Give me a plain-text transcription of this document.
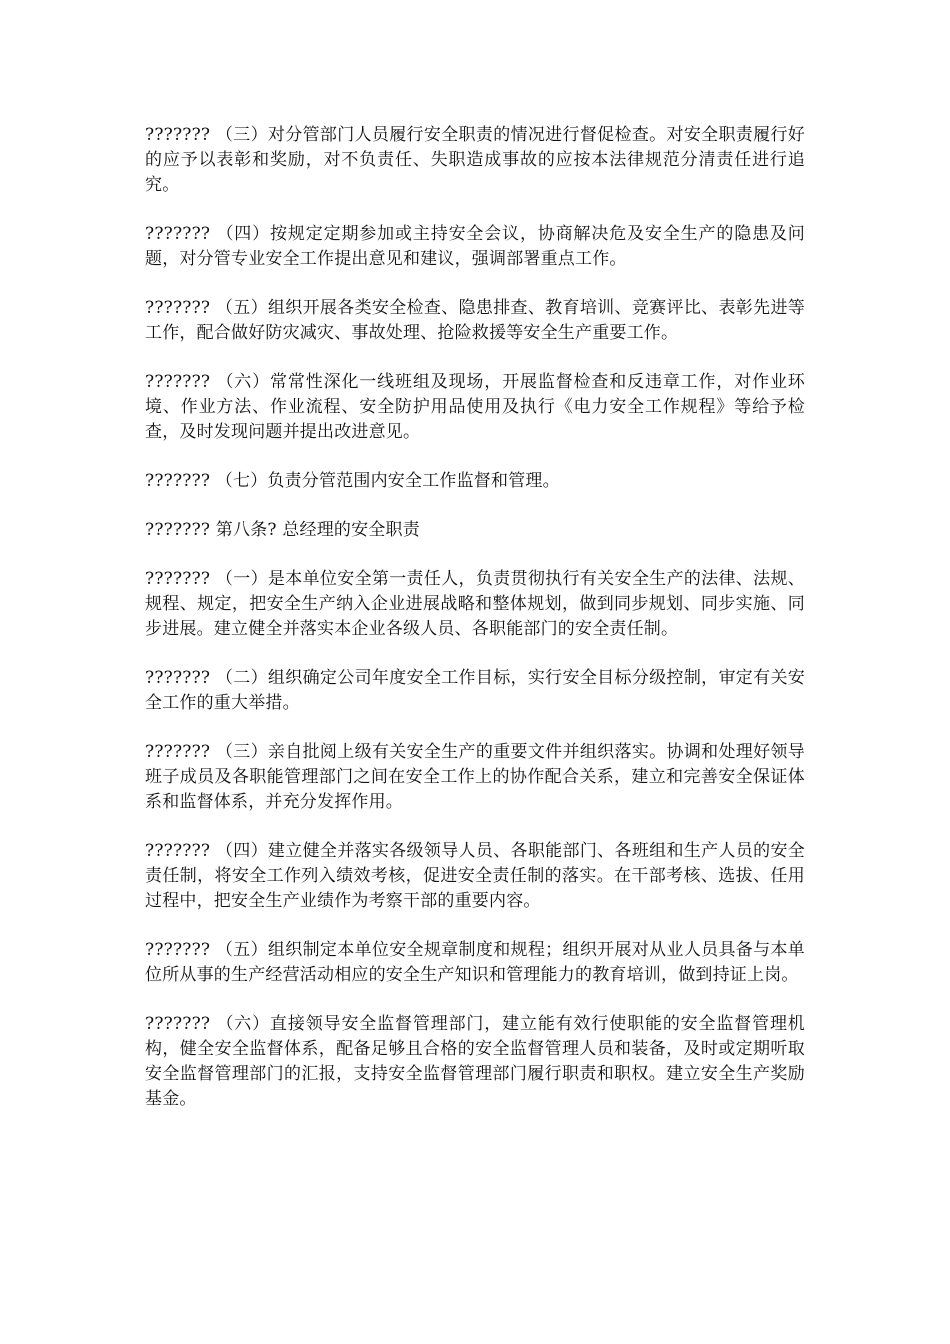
??????? （三）对分管部门人员履行安全职责的情况进行督促检查。对安全职责履行好的应予以表彰和奖励，对不负责任、失职造成事故的应按本法律规范分清责任进行追究。

??????? （四）按规定定期参加或主持安全会议，协商解决危及安全生产的隐患及问题，对分管专业安全工作提出意见和建议，强调部署重点工作。

??????? （五）组织开展各类安全检查、隐患排查、教育培训、竞赛评比、表彰先进等工作，配合做好防灾减灾、事故处理、抢险救援等安全生产重要工作。

??????? （六）常常性深化一线班组及现场，开展监督检查和反违章工作，对作业环境、作业方法、作业流程、安全防护用品使用及执行《电力安全工作规程》等给予检查，及时发现问题并提出改进意见。

??????? （七）负责分管范围内安全工作监督和管理。

??????? 第八条? 总经理的安全职责

??????? （一）是本单位安全第一责任人，负责贯彻执行有关安全生产的法律、法规、规程、规定，把安全生产纳入企业进展战略和整体规划，做到同步规划、同步实施、同步进展。建立健全并落实本企业各级人员、各职能部门的安全责任制。

??????? （二）组织确定公司年度安全工作目标，实行安全目标分级控制，审定有关安全工作的重大举措。

??????? （三）亲自批阅上级有关安全生产的重要文件并组织落实。协调和处理好领导班子成员及各职能管理部门之间在安全工作上的协作配合关系，建立和完善安全保证体系和监督体系，并充分发挥作用。

??????? （四）建立健全并落实各级领导人员、各职能部门、各班组和生产人员的安全责任制，将安全工作列入绩效考核，促进安全责任制的落实。在干部考核、选拔、任用过程中，把安全生产业绩作为考察干部的重要内容。

??????? （五）组织制定本单位安全规章制度和规程；组织开展对从业人员具备与本单位所从事的生产经营活动相应的安全生产知识和管理能力的教育培训，做到持证上岗。

??????? （六）直接领导安全监督管理部门，建立能有效行使职能的安全监督管理机构，健全安全监督体系，配备足够且合格的安全监督管理人员和装备，及时或定期听取安全监督管理部门的汇报，支持安全监督管理部门履行职责和职权。建立安全生产奖励基金。
